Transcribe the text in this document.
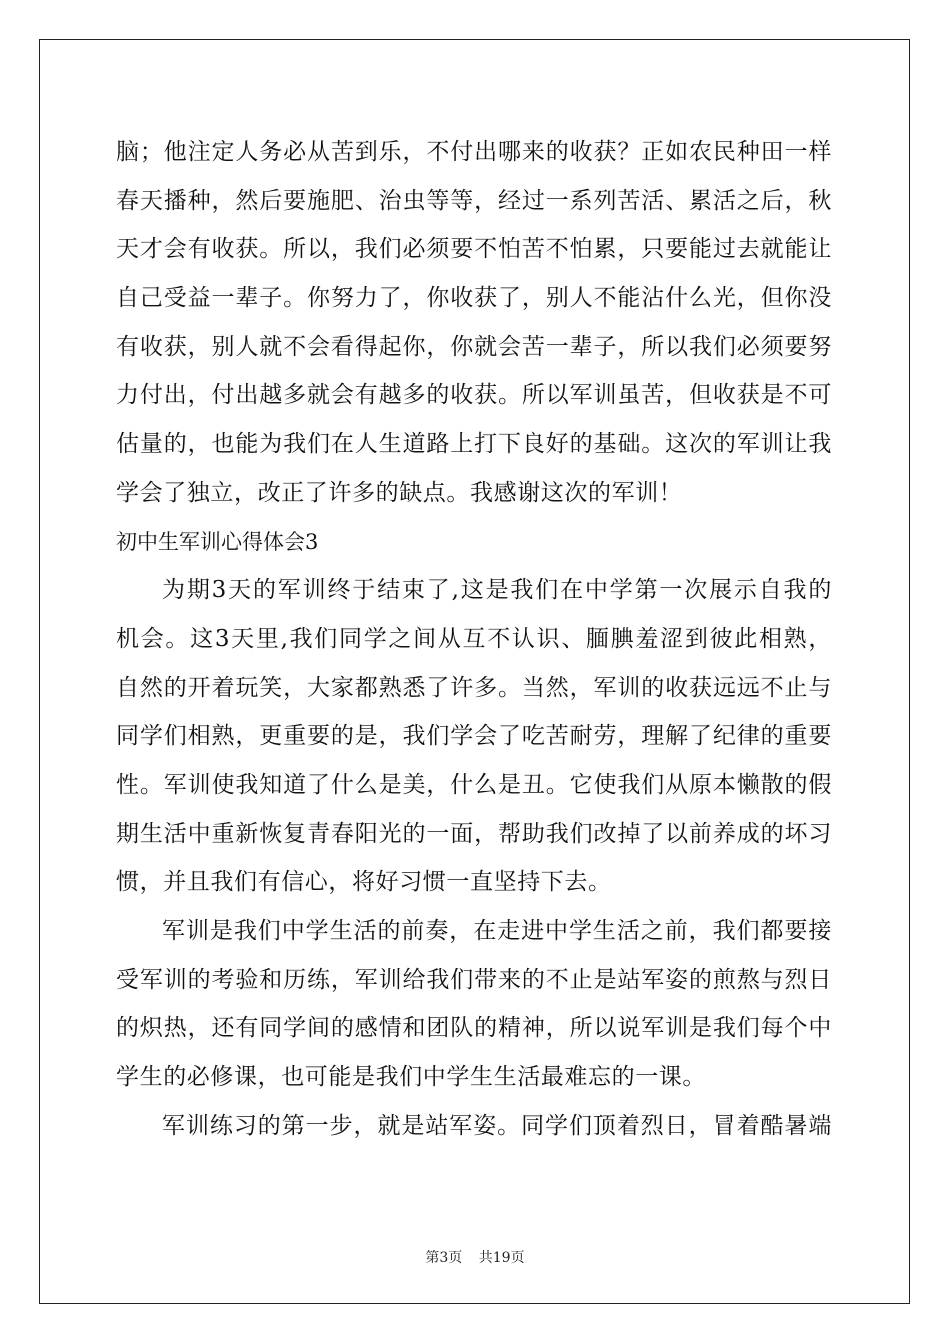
脑；他注定人务必从苦到乐，不付出哪来的收获？正如农民种田一样
春天播种，然后要施肥、治虫等等，经过一系列苦活、累活之后，秋
天才会有收获。所以，我们必须要不怕苦不怕累，只要能过去就能让
自己受益一辈子。你努力了，你收获了，别人不能沾什么光，但你没
有收获，别人就不会看得起你，你就会苦一辈子，所以我们必须要努
力付出，付出越多就会有越多的收获。所以军训虽苦，但收获是不可
估量的，也能为我们在人生道路上打下良好的基础。这次的军训让我
学会了独立，改正了许多的缺点。我感谢这次的军训！
初中生军训心得体会3
为期3天的军训终于结束了,这是我们在中学第一次展示自我的
机会。这3天里,我们同学之间从互不认识、腼腆羞涩到彼此相熟，
自然的开着玩笑，大家都熟悉了许多。当然，军训的收获远远不止与
同学们相熟，更重要的是，我们学会了吃苦耐劳，理解了纪律的重要
性。军训使我知道了什么是美，什么是丑。它使我们从原本懒散的假
期生活中重新恢复青春阳光的一面，帮助我们改掉了以前养成的坏习
惯，并且我们有信心，将好习惯一直坚持下去。
军训是我们中学生活的前奏，在走进中学生活之前，我们都要接
受军训的考验和历练，军训给我们带来的不止是站军姿的煎熬与烈日
的炽热，还有同学间的感情和团队的精神，所以说军训是我们每个中
学生的必修课，也可能是我们中学生生活最难忘的一课。
军训练习的第一步，就是站军姿。同学们顶着烈日，冒着酷暑端
第3页 共19页
